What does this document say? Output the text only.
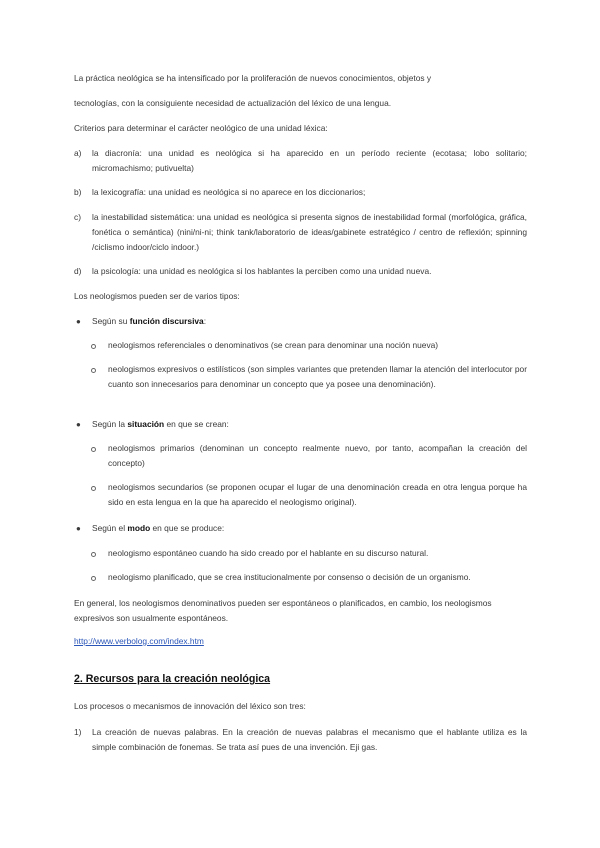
La práctica neológica se ha intensificado por la proliferación de nuevos conocimientos, objetos y
tecnologías, con la consiguiente necesidad de actualización del léxico de una lengua.
Criterios para determinar el carácter neológico de una unidad léxica:
a) la diacronía: una unidad es neológica si ha aparecido en un período reciente (ecotasa; lobo solitario; micromachismo; putivuelta)
b) la lexicografía: una unidad es neológica si no aparece en los diccionarios;
c) la inestabilidad sistemática: una unidad es neológica si presenta signos de inestabilidad formal (morfológica, gráfica, fonética o semántica) (nini/ni-ni; think tank/laboratorio de ideas/gabinete estratégico / centro de reflexión; spinning /ciclismo indoor/ciclo indoor.)
d) la psicología: una unidad es neológica si los hablantes la perciben como una unidad nueva.
Los neologismos pueden ser de varios tipos:
● Según su función discursiva:
neologismos referenciales o denominativos (se crean para denominar una noción nueva)
neologismos expresivos o estilísticos (son simples variantes que pretenden llamar la atención del interlocutor por cuanto son innecesarios para denominar un concepto que ya posee una denominación).
● Según la situación en que se crean:
neologismos primarios (denominan un concepto realmente nuevo, por tanto, acompañan la creación del concepto)
neologismos secundarios (se proponen ocupar el lugar de una denominación creada en otra lengua porque ha sido en esta lengua en la que ha aparecido el neologismo original).
● Según el modo en que se produce:
neologismo espontáneo cuando ha sido creado por el hablante en su discurso natural.
neologismo planificado, que se crea institucionalmente por consenso o decisión de un organismo.
En general, los neologismos denominativos pueden ser espontáneos o planificados, en cambio, los neologismos
expresivos son usualmente espontáneos.
http://www.verbolog.com/index.htm
2. Recursos para la creación neológica
Los procesos o mecanismos de innovación del léxico son tres:
1) La creación de nuevas palabras. En la creación de nuevas palabras el mecanismo que el hablante utiliza es la simple combinación de fonemas. Se trata así pues de una invención. Eji gas.
